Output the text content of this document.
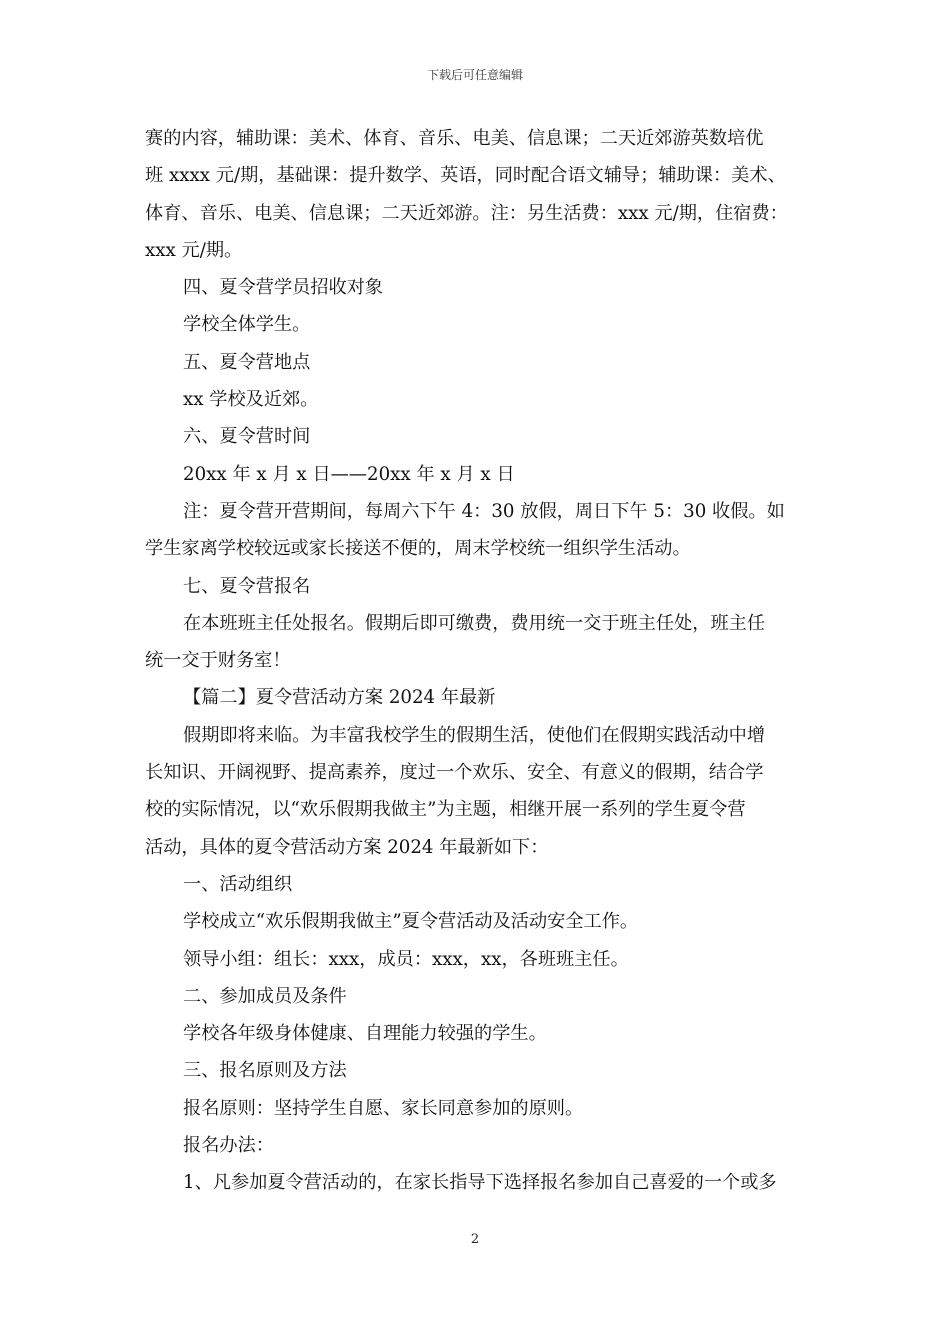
下载后可任意编辑

赛的内容，辅助课：美术、体育、音乐、电美、信息课；二天近郊游英数培优

班 xxxx 元/期，基础课：提升数学、英语，同时配合语文辅导；辅助课：美术、

体育、音乐、电美、信息课；二天近郊游。注：另生活费：xxx 元/期，住宿费：

xxx 元/期。

四、夏令营学员招收对象

学校全体学生。

五、夏令营地点

xx 学校及近郊。

六、夏令营时间

20xx 年 x 月 x 日——20xx 年 x 月 x 日

注：夏令营开营期间，每周六下午 4：30 放假，周日下午 5：30 收假。如

学生家离学校较远或家长接送不便的，周末学校统一组织学生活动。

七、夏令营报名

在本班班主任处报名。假期后即可缴费，费用统一交于班主任处，班主任

统一交于财务室！

【篇二】夏令营活动方案 2024 年最新

假期即将来临。为丰富我校学生的假期生活，使他们在假期实践活动中增

长知识、开阔视野、提高素养，度过一个欢乐、安全、有意义的假期，结合学

校的实际情况，以“欢乐假期我做主”为主题，相继开展一系列的学生夏令营

活动，具体的夏令营活动方案 2024 年最新如下：

一、活动组织

学校成立“欢乐假期我做主”夏令营活动及活动安全工作。

领导小组：组长：xxx，成员：xxx，xx，各班班主任。

二、参加成员及条件

学校各年级身体健康、自理能力较强的学生。

三、报名原则及方法

报名原则：坚持学生自愿、家长同意参加的原则。

报名办法：

1、凡参加夏令营活动的，在家长指导下选择报名参加自己喜爱的一个或多

2
